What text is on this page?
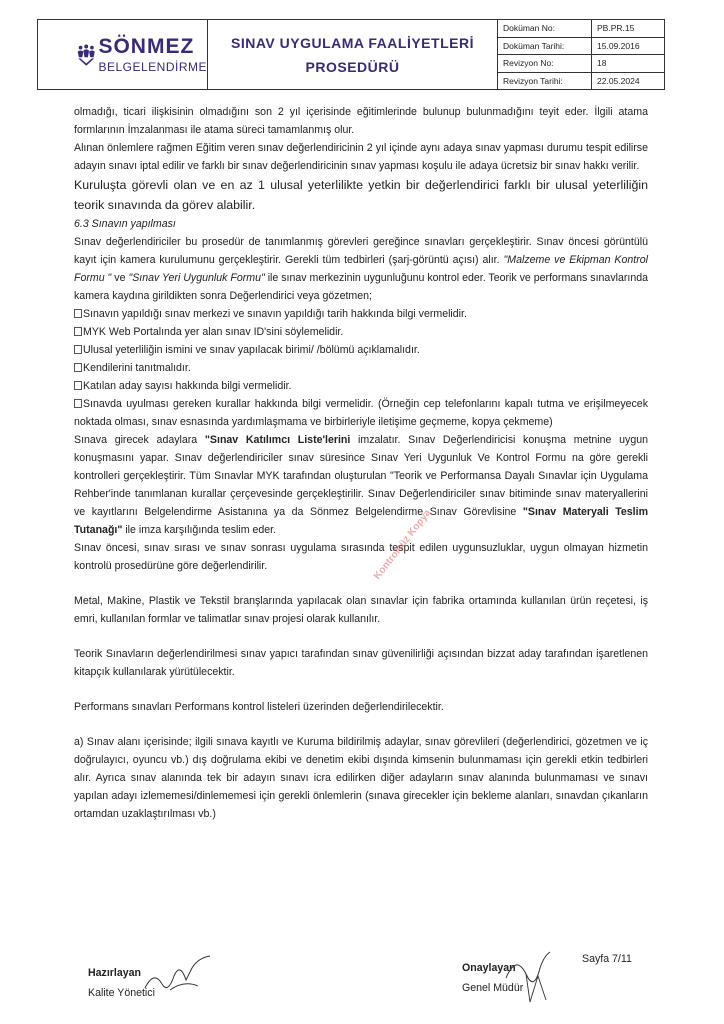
SÖNMEZ
BELGELENDİRME
SINAV UYGULAMA FAALİYETLERİ
PROSEDÜRÜ
Doküman No:	PB.PR.15
Doküman Tarihi:	15.09.2016
Revizyon No:	18
Revizyon Tarihi:	22.05.2024

olmadığı, ticari ilişkisinin olmadığını son 2 yıl içerisinde eğitimlerinde bulunup bulunmadığını teyit eder. İlgili atama formlarının İmzalanması ile atama süreci tamamlanmış olur.

Alınan önlemlere rağmen Eğitim veren sınav değerlendiricinin 2 yıl içinde aynı adaya sınav yapması durumu tespit edilirse adayın sınavı iptal edilir ve farklı bir sınav değerlendiricinin sınav yapması koşulu ile adaya ücretsiz bir sınav hakkı verilir.

Kuruluşta görevli olan ve en az 1 ulusal yeterlilikte yetkin bir değerlendirici farklı bir ulusal yeterliliğin teorik sınavında da görev alabilir.

6.3 Sınavın yapılması

Sınav değerlendiriciler bu prosedür de tanımlanmış görevleri gereğince sınavları gerçekleştirir. Sınav öncesi görüntülü kayıt için kamera kurulumunu gerçekleştirir. Gerekli tüm tedbirleri (şarj-görüntü açısı) alır. "Malzeme ve Ekipman Kontrol Formu " ve "Sınav Yeri Uygunluk Formu" ile sınav merkezinin uygunluğunu kontrol eder. Teorik ve performans sınavlarında kamera kaydına girildikten sonra Değerlendirici veya gözetmen;

Sınavın yapıldığı sınav merkezi ve sınavın yapıldığı tarih hakkında bilgi vermelidir.

MYK Web Portalında yer alan sınav ID'sini söylemelidir.

Ulusal yeterliliğin ismini ve sınav yapılacak birimi/ /bölümü açıklamalıdır.

Kendilerini tanıtmalıdır.

Katılan aday sayısı hakkında bilgi vermelidir.

Sınavda uyulması gereken kurallar hakkında bilgi vermelidir. (Örneğin cep telefonlarını kapalı tutma ve erişilmeyecek noktada olması, sınav esnasında yardımlaşmama ve birbirleriyle iletişime geçmeme, kopya çekmeme)

Sınava girecek adaylara "Sınav Katılımcı Liste'lerini imzalatır. Sınav Değerlendiricisi konuşma metnine uygun konuşmasını yapar. Sınav değerlendiriciler sınav süresince Sınav Yeri Uygunluk Ve Kontrol Formu na göre gerekli kontrolleri gerçekleştirir. Tüm Sınavlar MYK tarafından oluşturulan "Teorik ve Performansa Dayalı Sınavlar için Uygulama Rehber'inde tanımlanan kurallar çerçevesinde gerçekleştirilir. Sınav Değerlendiriciler sınav bitiminde sınav materyallerini ve kayıtlarını Belgelendirme Asistanına ya da Sönmez Belgelendirme Sınav Görevlisine "Sınav Materyali Teslim Tutanağı" ile imza karşılığında teslim eder.

Sınav öncesi, sınav sırası ve sınav sonrası uygulama sırasında tespit edilen uygunsuzluklar, uygun olmayan hizmetin kontrolü prosedürüne göre değerlendirilir.

Metal, Makine, Plastik ve Tekstil branşlarında yapılacak olan sınavlar için fabrika ortamında kullanılan ürün reçetesi, iş emri, kullanılan formlar ve talimatlar sınav projesi olarak kullanılır.

Teorik Sınavların değerlendirilmesi sınav yapıcı tarafından sınav güvenilirliği açısından bizzat aday tarafından işaretlenen kitapçık kullanılarak yürütülecektir.

Performans sınavları Performans kontrol listeleri üzerinden değerlendirilecektir.

a) Sınav alanı içerisinde; ilgili sınava kayıtlı ve Kuruma bildirilmiş adaylar, sınav görevlileri (değerlendirici, gözetmen ve iç doğrulayıcı, oyuncu vb.) dış doğrulama ekibi ve denetim ekibi dışında kimsenin bulunmaması için gerekli etkin tedbirleri alır. Ayrıca sınav alanında tek bir adayın sınavı icra edilirken diğer adayların sınav alanında bulunmaması ve sınavı yapılan adayı izlememesi/dinlememesi için gerekli önlemlerin (sınava girecekler için bekleme alanları, sınavdan çıkanların ortamdan uzaklaştırılması vb.)

Kontrolsüz Kopya
Hazırlayan
Kalite Yönetici
Onaylayan
Genel Müdür
Sayfa 7/11
